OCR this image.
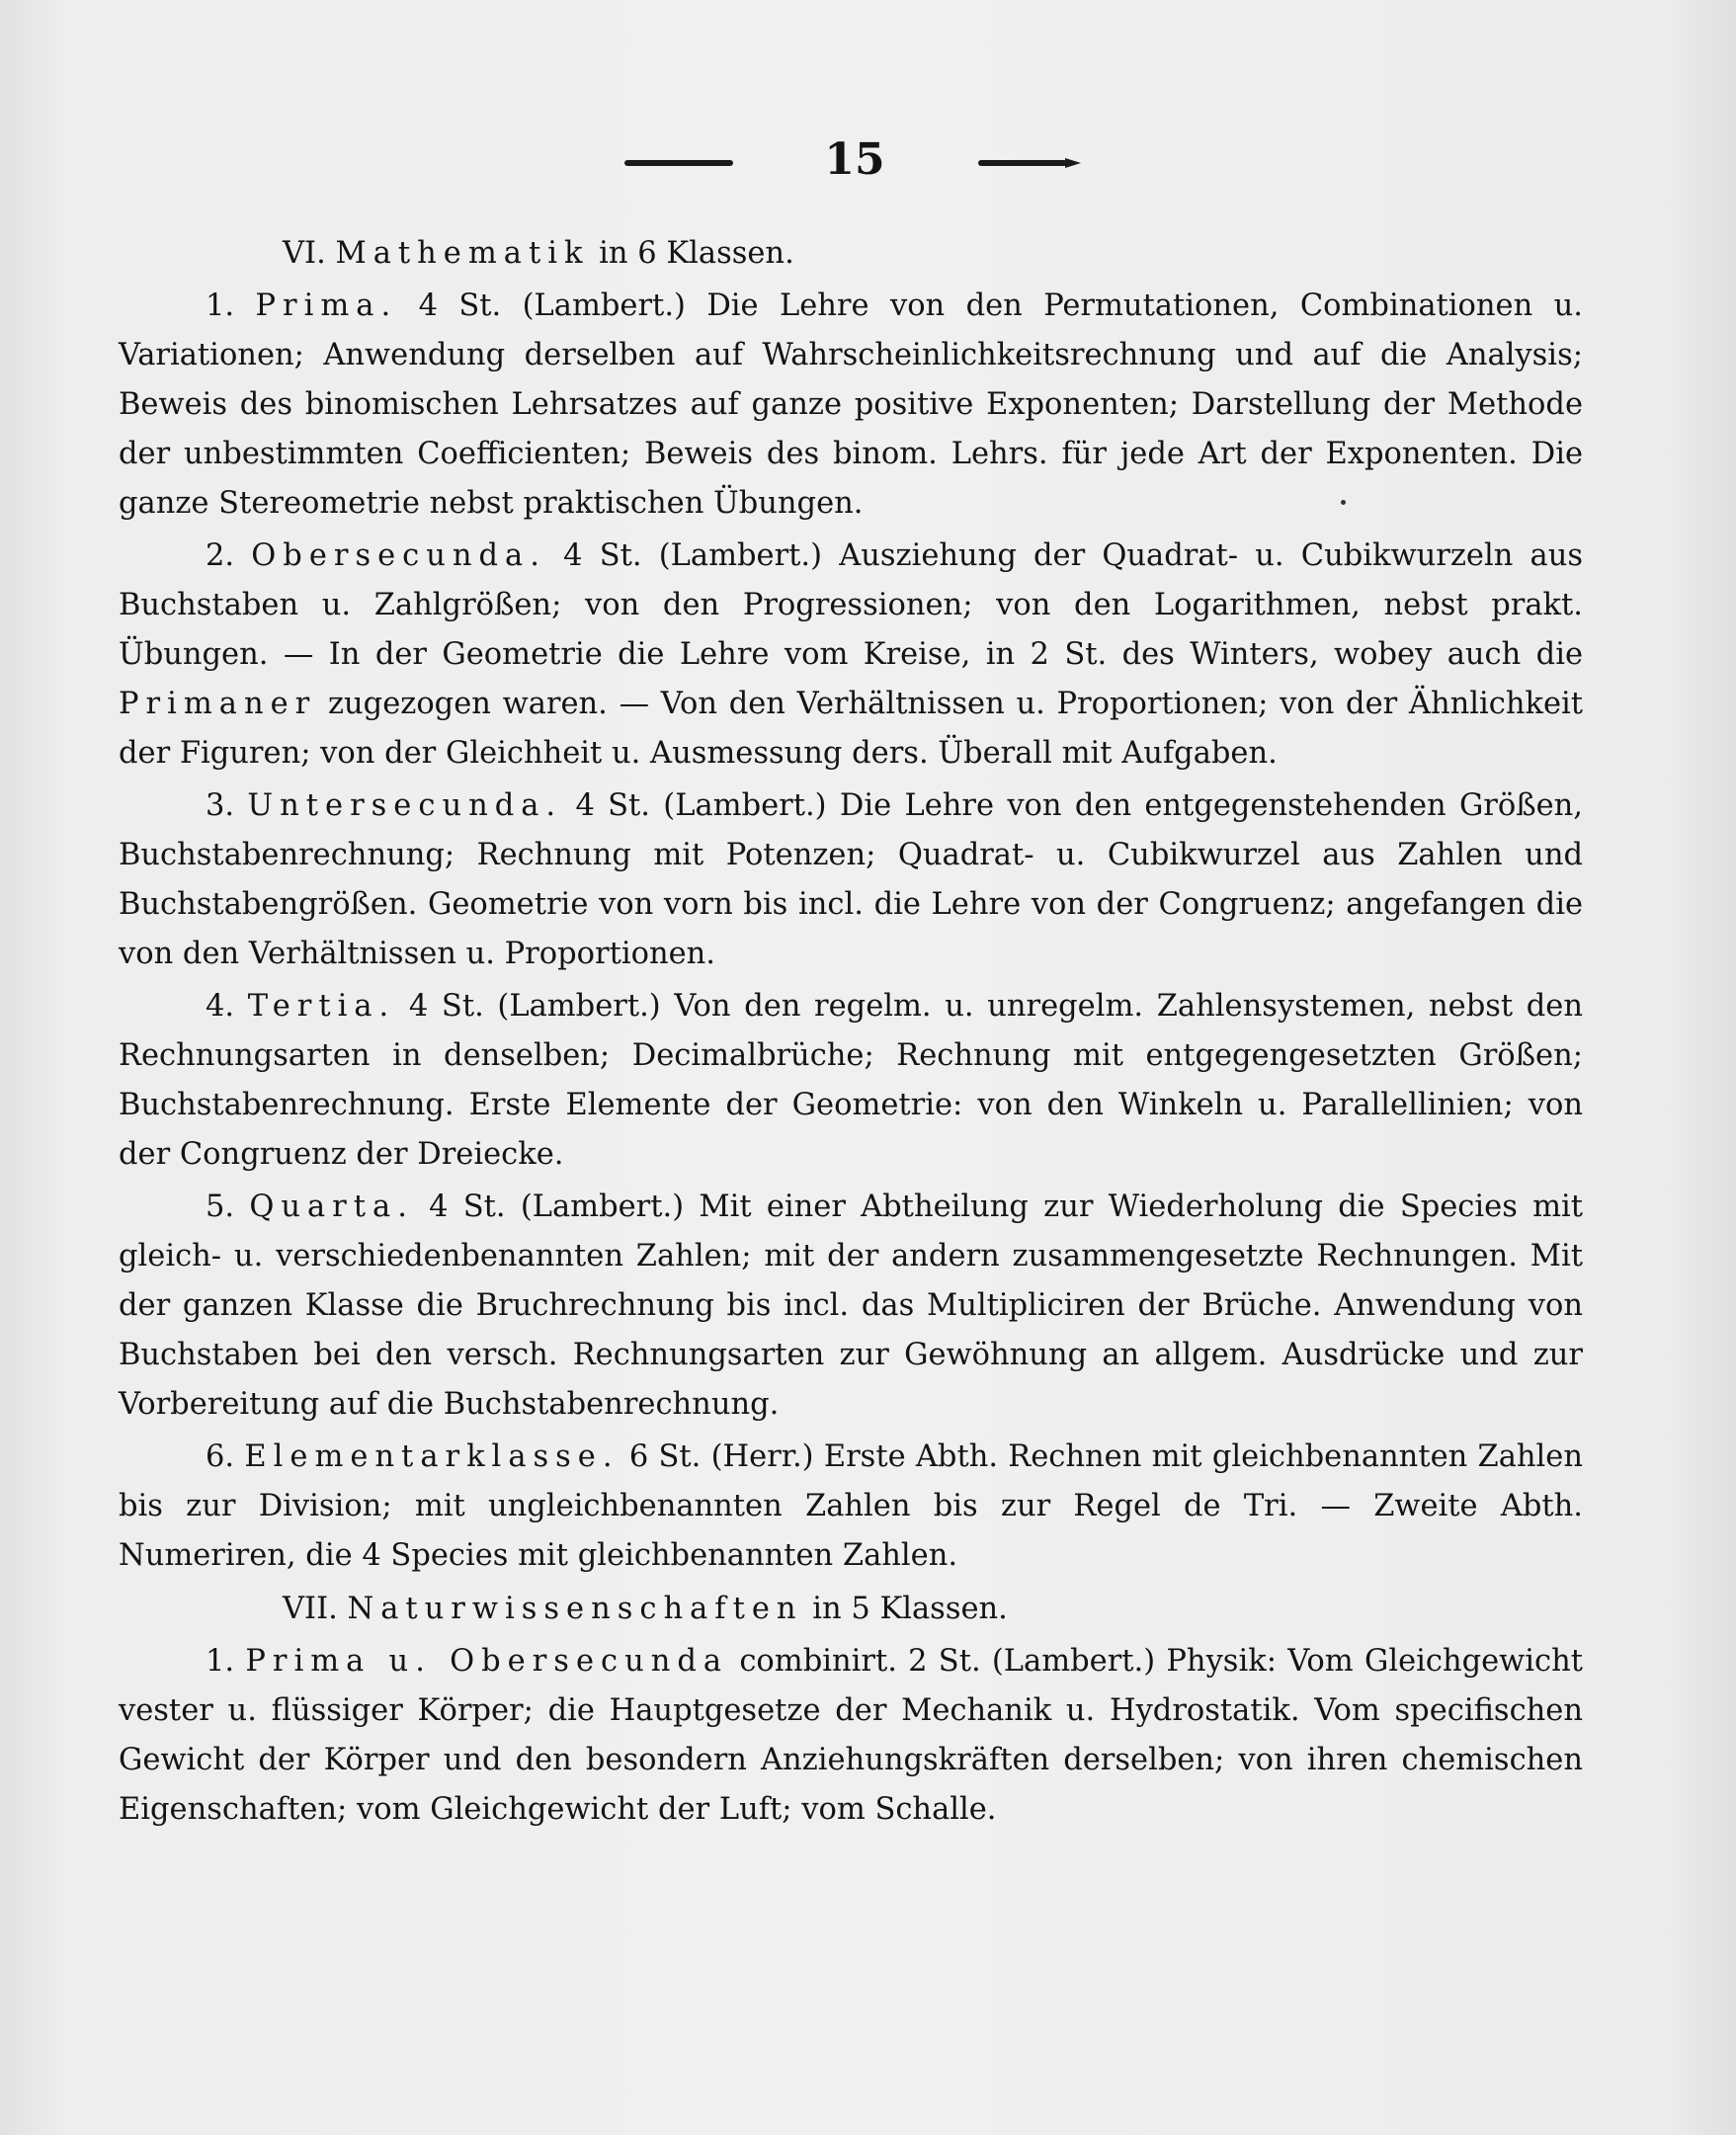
15

VI. Mathematik in 6 Klassen.

1. Prima. 4 St. (Lambert.) Die Lehre von den Permutationen, Combinationen u. Variationen; Anwendung derselben auf Wahrscheinlichkeitsrechnung und auf die Analysis; Beweis des binomischen Lehrsatzes auf ganze positive Exponenten; Darstellung der Methode der unbestimmten Coefficienten; Beweis des binom. Lehrs. für jede Art der Exponenten. Die ganze Stereometrie nebst praktischen Übungen.

2. Obersecunda. 4 St. (Lambert.) Ausziehung der Quadrat- u. Cubikwurzeln aus Buchstaben u. Zahlgrößen; von den Progressionen; von den Logarithmen, nebst prakt. Übungen. — In der Geometrie die Lehre vom Kreise, in 2 St. des Winters, wobey auch die Primaner zugezogen waren. — Von den Verhältnissen u. Proportionen; von der Ähnlichkeit der Figuren; von der Gleichheit u. Ausmessung ders. Überall mit Aufgaben.

3. Untersecunda. 4 St. (Lambert.) Die Lehre von den entgegenstehenden Größen, Buchstabenrechnung; Rechnung mit Potenzen; Quadrat- u. Cubikwurzel aus Zahlen und Buchstabengrößen. Geometrie von vorn bis incl. die Lehre von der Congruenz; angefangen die von den Verhältnissen u. Proportionen.

4. Tertia. 4 St. (Lambert.) Von den regelm. u. unregelm. Zahlensystemen, nebst den Rechnungsarten in denselben; Decimalbrüche; Rechnung mit entgegengesetzten Größen; Buchstabenrechnung. Erste Elemente der Geometrie: von den Winkeln u. Parallellinien; von der Congruenz der Dreiecke.

5. Quarta. 4 St. (Lambert.) Mit einer Abtheilung zur Wiederholung die Species mit gleich- u. verschiedenbenannten Zahlen; mit der andern zusammengesetzte Rechnungen. Mit der ganzen Klasse die Bruchrechnung bis incl. das Multipliciren der Brüche. Anwendung von Buchstaben bei den versch. Rechnungsarten zur Gewöhnung an allgem. Ausdrücke und zur Vorbereitung auf die Buchstabenrechnung.

6. Elementarklasse. 6 St. (Herr.) Erste Abth. Rechnen mit gleichbenannten Zahlen bis zur Division; mit ungleichbenannten Zahlen bis zur Regel de Tri. — Zweite Abth. Numeriren, die 4 Species mit gleichbenannten Zahlen.

VII. Naturwissenschaften in 5 Klassen.

1. Prima u. Obersecunda combinirt. 2 St. (Lambert.) Physik: Vom Gleichgewicht vester u. flüssiger Körper; die Hauptgesetze der Mechanik u. Hydrostatik. Vom specifischen Gewicht der Körper und den besondern Anziehungskräften derselben; von ihren chemischen Eigenschaften; vom Gleichgewicht der Luft; vom Schalle.
